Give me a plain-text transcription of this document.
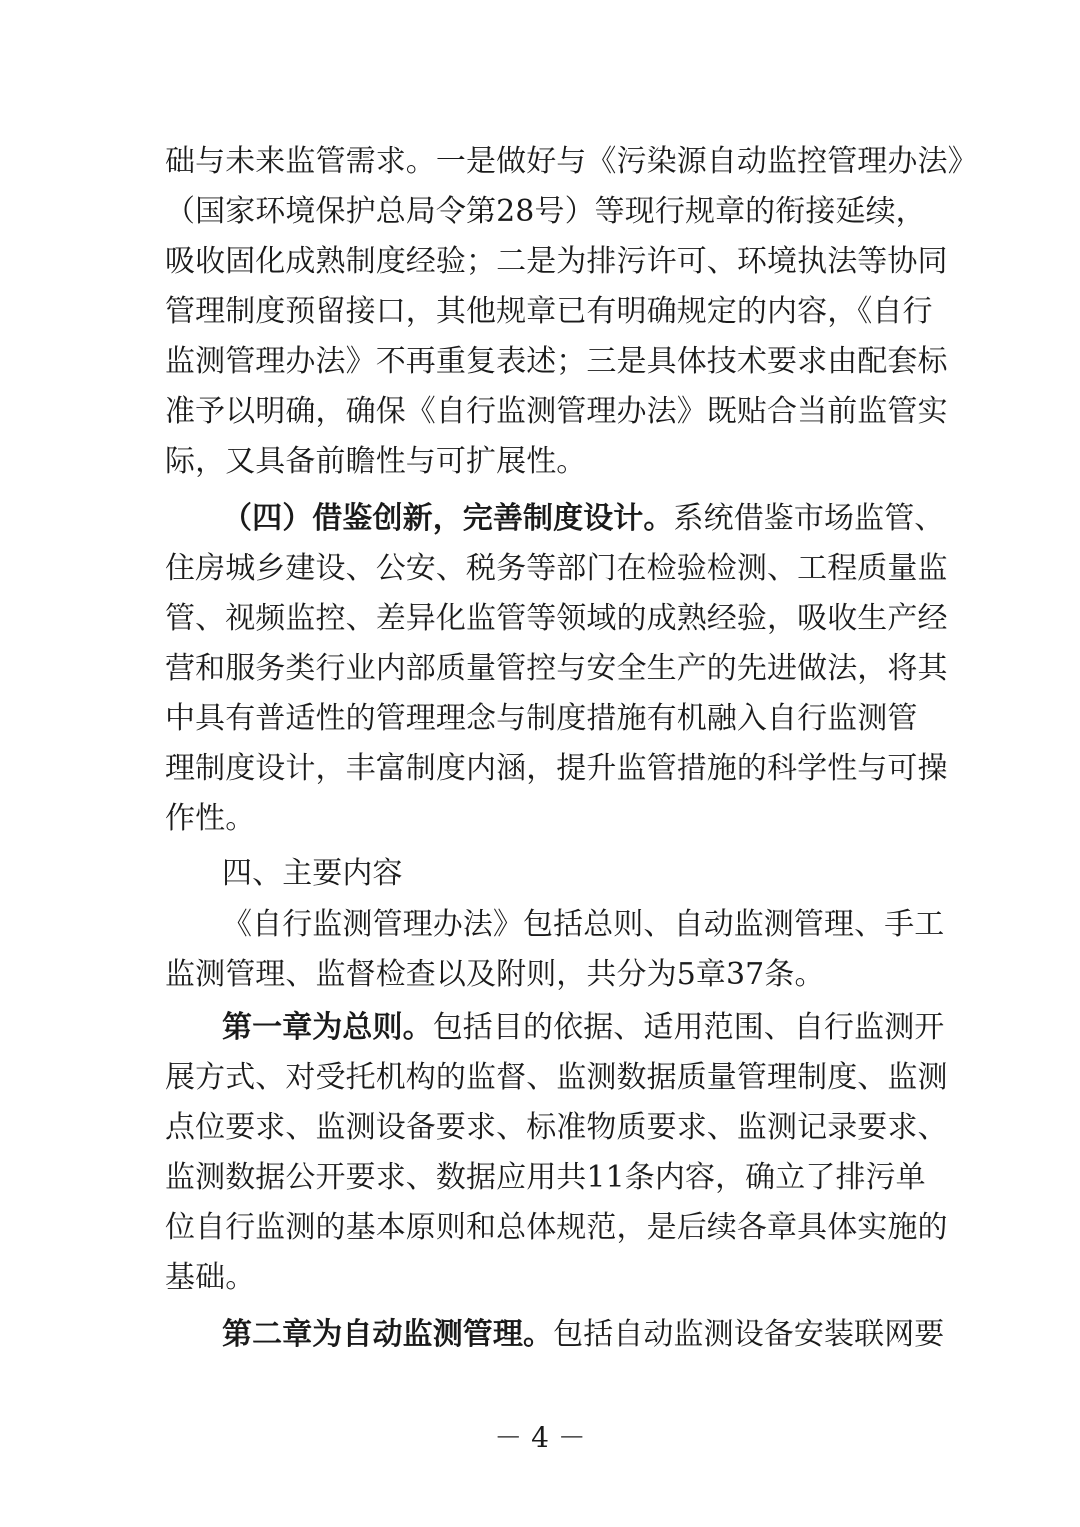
础与未来监管需求。一是做好与《污染源自动监控管理办法》
（国家环境保护总局令第28号）等现行规章的衔接延续，
吸收固化成熟制度经验；二是为排污许可、环境执法等协同
管理制度预留接口，其他规章已有明确规定的内容，《自行
监测管理办法》不再重复表述；三是具体技术要求由配套标
准予以明确，确保《自行监测管理办法》既贴合当前监管实
际，又具备前瞻性与可扩展性。
（四）借鉴创新，完善制度设计。系统借鉴市场监管、
住房城乡建设、公安、税务等部门在检验检测、工程质量监
管、视频监控、差异化监管等领域的成熟经验，吸收生产经
营和服务类行业内部质量管控与安全生产的先进做法，将其
中具有普适性的管理理念与制度措施有机融入自行监测管
理制度设计，丰富制度内涵，提升监管措施的科学性与可操
作性。
四、主要内容
《自行监测管理办法》包括总则、自动监测管理、手工
监测管理、监督检查以及附则，共分为5章37条。
第一章为总则。包括目的依据、适用范围、自行监测开
展方式、对受托机构的监督、监测数据质量管理制度、监测
点位要求、监测设备要求、标准物质要求、监测记录要求、
监测数据公开要求、数据应用共11条内容，确立了排污单
位自行监测的基本原则和总体规范，是后续各章具体实施的
基础。
第二章为自动监测管理。包括自动监测设备安装联网要
－ 4 －
